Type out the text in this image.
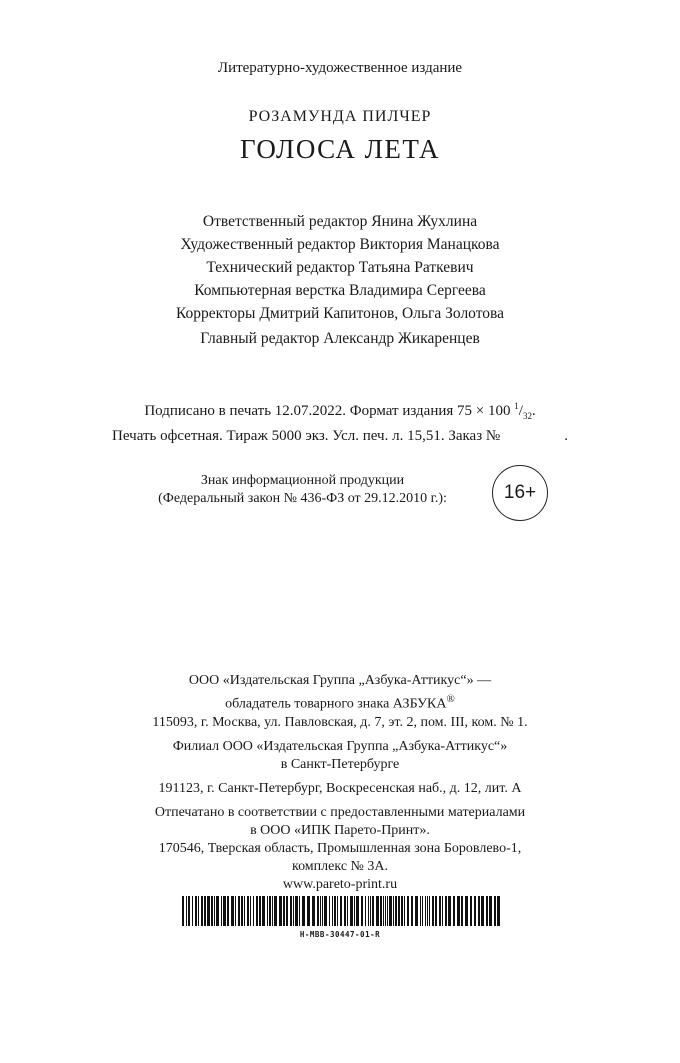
Литературно-художественное издание
РОЗАМУНДА ПИЛЧЕР
ГОЛОСА ЛЕТА
Ответственный редактор Янина Жухлина
Художественный редактор Виктория Манацкова
Технический редактор Татьяна Раткевич
Компьютерная верстка Владимира Сергеева
Корректоры Дмитрий Капитонов, Ольга Золотова
Главный редактор Александр Жикаренцев
Подписано в печать 12.07.2022. Формат издания 75 × 100 $^1/_{32}$.
Печать офсетная. Тираж 5000 экз. Усл. печ. л. 15,51. Заказ №	.
Знак информационной продукции
(Федеральный закон № 436-ФЗ от 29.12.2010 г.):	16+
ООО «Издательская Группа „Азбука-Аттикус“» —
обладатель товарного знака АЗБУКА®
115093, г. Москва, ул. Павловская, д. 7, эт. 2, пом. III, ком. № 1.
Филиал ООО «Издательская Группа „Азбука-Аттикус“»
в Санкт-Петербурге
191123, г. Санкт-Петербург, Воскресенская наб., д. 12, лит. А
Отпечатано в соответствии с предоставленными материалами
в ООО «ИПК Парето-Принт».
170546, Тверская область, Промышленная зона Боровлево-1,
комплекс № 3А.
www.pareto-print.ru
Н-МВВ-30447-01-R
